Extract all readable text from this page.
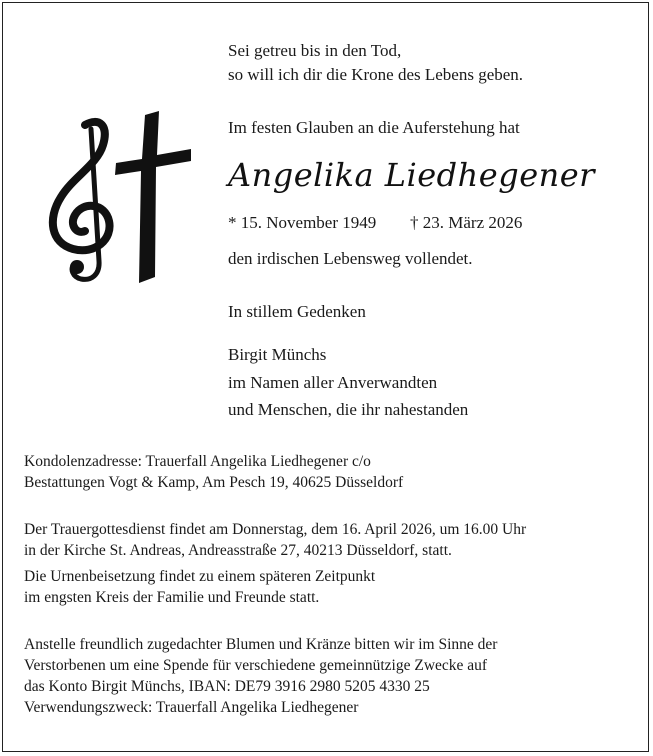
Sei getreu bis in den Tod,
so will ich dir die Krone des Lebens geben.
Im festen Glauben an die Auferstehung hat
Angelika Liedhegener
* 15. November 1949 † 23. März 2026
den irdischen Lebensweg vollendet.
In stillem Gedenken
Birgit Münchs
im Namen aller Anverwandten
und Menschen, die ihr nahestanden
Kondolenzadresse: Trauerfall Angelika Liedhegener c/o
Bestattungen Vogt & Kamp, Am Pesch 19, 40625 Düsseldorf
Der Trauergottesdienst findet am Donnerstag, dem 16. April 2026, um 16.00 Uhr
in der Kirche St. Andreas, Andreasstraße 27, 40213 Düsseldorf, statt.
Die Urnenbeisetzung findet zu einem späteren Zeitpunkt
im engsten Kreis der Familie und Freunde statt.
Anstelle freundlich zugedachter Blumen und Kränze bitten wir im Sinne der
Verstorbenen um eine Spende für verschiedene gemeinnützige Zwecke auf
das Konto Birgit Münchs, IBAN: DE79 3916 2980 5205 4330 25
Verwendungszweck: Trauerfall Angelika Liedhegener
